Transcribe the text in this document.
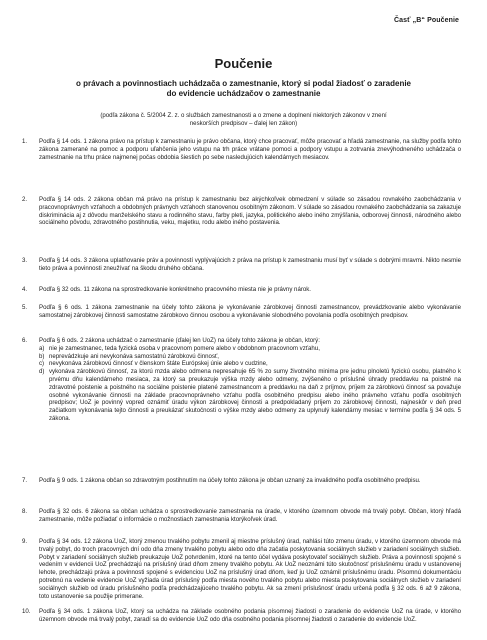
Časť „B“ Poučenie
Poučenie
o právach a povinnostiach uchádzača o zamestnanie, ktorý si podal žiadosť o zaradenie do evidencie uchádzačov o zamestnanie
(podľa zákona č. 5/2004 Z. z. o službách zamestnanosti a o zmene a doplnení niektorých zákonov v znení neskorších predpisov – ďalej len zákon)
1.	Podľa § 14 ods. 1 zákona právo na prístup k zamestnaniu je právo občana, ktorý chce pracovať, môže pracovať a hľadá zamestnanie, na služby podľa tohto zákona zamerané na pomoc a podporu uľahčenia jeho vstupu na trh práce vrátane pomoci a podpory vstupu a zotrvania znevýhodneného uchádzača o zamestnanie na trhu práce najmenej počas obdobia šiestich po sebe nasledujúcich kalendárnych mesiacov.
2.	Podľa § 14 ods. 2 zákona občan má právo na prístup k zamestnaniu bez akýchkoľvek obmedzení v súlade so zásadou rovnakého zaobchádzania v pracovnoprávnych vzťahoch a obdobných právnych vzťahoch stanovenou osobitným zákonom. V súlade so zásadou rovnakého zaobchádzania sa zakazuje diskriminácia aj z dôvodu manželského stavu a rodinného stavu, farby pleti, jazyka, politického alebo iného zmýšľania, odborovej činnosti, národného alebo sociálneho pôvodu, zdravotného postihnutia, veku, majetku, rodu alebo iného postavenia.
3.	Podľa § 14 ods. 3 zákona uplatňovanie práv a povinností vyplývajúcich z práva na prístup k zamestnaniu musí byť v súlade s dobrými mravmi. Nikto nesmie tieto práva a povinnosti zneužívať na škodu druhého občana.
4.	Podľa § 32 ods. 11 zákona na sprostredkovanie konkrétneho pracovného miesta nie je právny nárok.
5.	Podľa § 6 ods. 1 zákona zamestnanie na účely tohto zákona je vykonávanie zárobkovej činnosti zamestnancov, prevádzkovanie alebo vykonávanie samostatnej zárobkovej činnosti samostatne zárobkovo činnou osobou a vykonávanie slobodného povolania podľa osobitných predpisov.
6.	Podľa § 6 ods. 2 zákona uchádzač o zamestnanie (ďalej len UoZ) na účely tohto zákona je občan, ktorý:
a) nie je zamestnanec, teda fyzická osoba v pracovnom pomere alebo v obdobnom pracovnom vzťahu,
b) neprevádzkuje ani nevykonáva samostatnú zárobkovú činnosť,
c) nevykonáva zárobkovú činnosť v členskom štáte Európskej únie alebo v cudzine,
d) vykonáva zárobkovú činnosť, za ktorú mzda alebo odmena nepresahuje 65 % zo sumy životného minima pre jednu plnoletú fyzickú osobu, platného k prvému dňu kalendárneho mesiaca, za ktorý sa preukazuje výška mzdy alebo odmeny, zvýšeného o príslušné úhrady preddavku na poistné na zdravotné poistenie a poistného na sociálne poistenie platené zamestnancom a preddavku na daň z príjmov, príjem za zárobkovú činnosť sa považuje osobné vykonávanie činnosti na základe pracovnoprávneho vzťahu podľa osobitného predpisu alebo iného právneho vzťahu podľa osobitných predpisov; UoZ je povinný vopred oznámiť úradu výkon zárobkovej činnosti a predpokladaný príjem zo zárobkovej činnosti, najneskôr v deň pred začiatkom vykonávania tejto činnosti a preukázať skutočnosti o výške mzdy alebo odmeny za uplynulý kalendárny mesiac v termíne podľa § 34 ods. 5 zákona.
7.	Podľa § 9 ods. 1 zákona občan so zdravotným postihnutím na účely tohto zákona je občan uznaný za invalidného podľa osobitného predpisu.
8.	Podľa § 32 ods. 6 zákona sa občan uchádza o sprostredkovanie zamestnania na úrade, v ktorého územnom obvode má trvalý pobyt. Občan, ktorý hľadá zamestnanie, môže požiadať o informácie o možnostiach zamestnania ktorýkoľvek úrad.
9.	Podľa § 34 ods. 12 zákona UoZ, ktorý zmenou trvalého pobytu zmenil aj miestne príslušný úrad, nahlási túto zmenu úradu, v ktorého územnom obvode má trvalý pobyt, do troch pracovných dní odo dňa zmeny trvalého pobytu alebo odo dňa začatia poskytovania sociálnych služieb v zariadení sociálnych služieb. Pobyt v zariadení sociálnych služieb preukazuje UoZ potvrdením, ktoré na tento účel vydáva poskytovateľ sociálnych služieb. Práva a povinnosti spojené s vedením v evidencii UoZ prechádzajú na príslušný úrad dňom zmeny trvalého pobytu. Ak UoZ neoznámi túto skutočnosť príslušnému úradu v ustanovenej lehote, prechádzajú práva a povinnosti spojené s evidenciou UoZ na príslušný úrad dňom, keď ju UoZ oznámil príslušnému úradu. Písomnú dokumentáciu potrebnú na vedenie evidencie UoZ vyžiada úrad príslušný podľa miesta nového trvalého pobytu alebo miesta poskytovania sociálnych služieb v zariadení sociálnych služieb od úradu príslušného podľa predchádzajúceho trvalého pobytu. Ak sa zmení príslušnosť úradu určená podľa § 32 ods. 6 až 9 zákona, toto ustanovenie sa použije primerane.
10.	Podľa § 34 ods. 1 zákona UoZ, ktorý sa uchádza na základe osobného podania písomnej žiadosti o zaradenie do evidencie UoZ na úrade, v ktorého územnom obvode má trvalý pobyt, zaradí sa do evidencie UoZ odo dňa osobného podania písomnej žiadosti o zaradenie do evidencie UoZ.
